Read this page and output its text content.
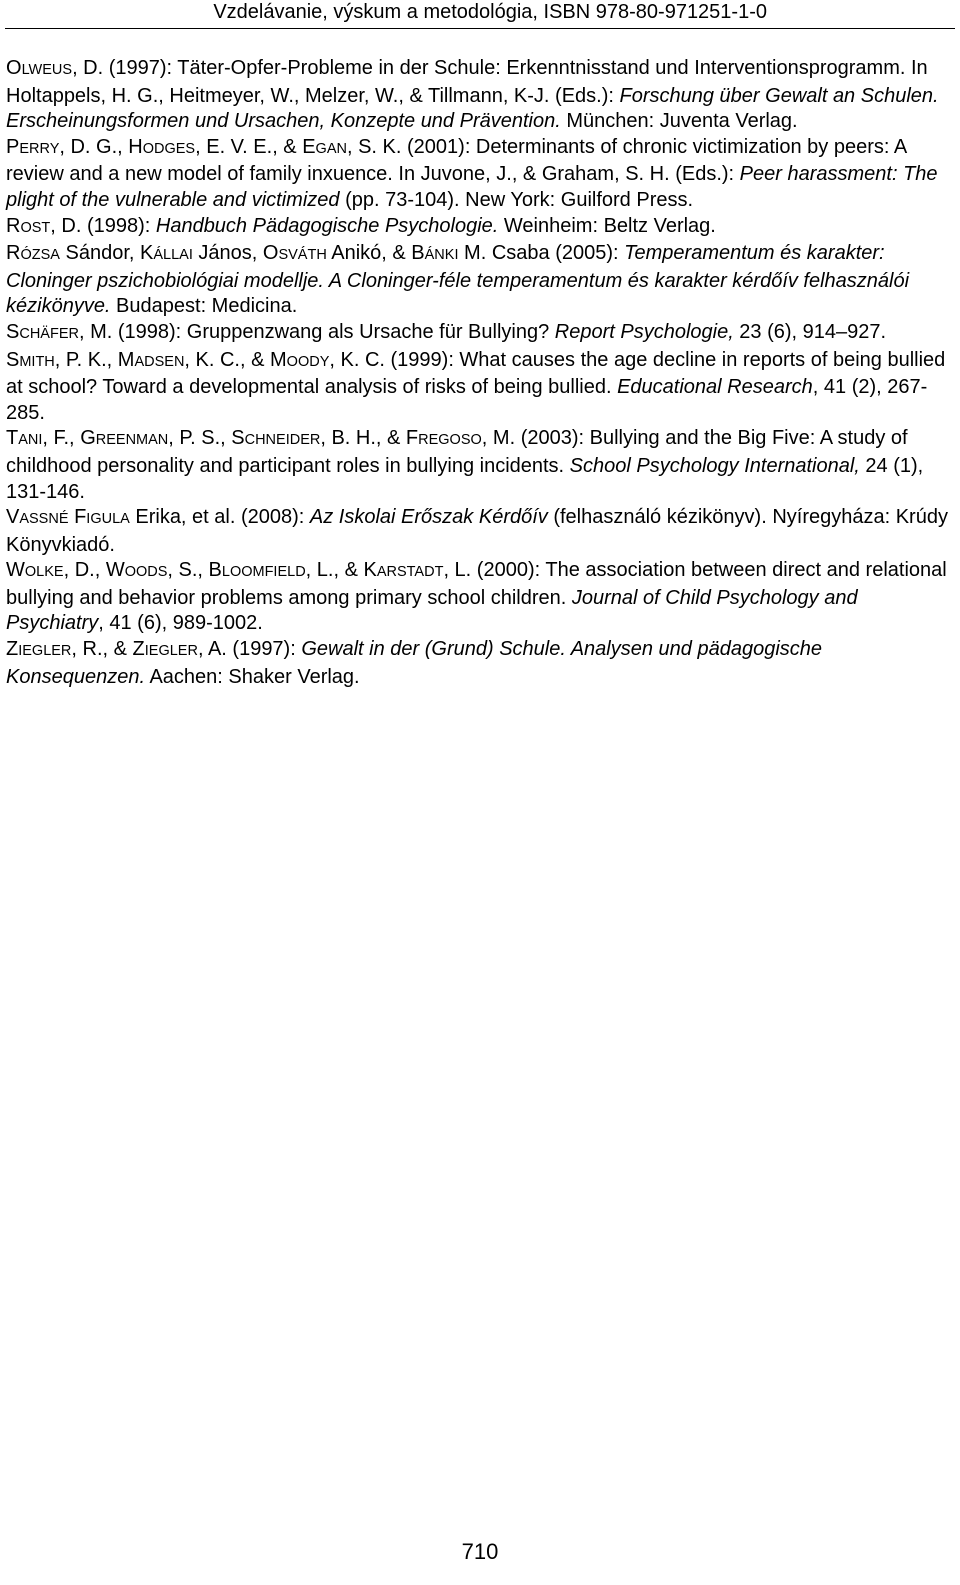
Vzdelávanie, výskum a metodológia, ISBN 978-80-971251-1-0

OLWEUS, D. (1997): Täter-Opfer-Probleme in der Schule: Erkenntnisstand und Interventionsprogramm. In Holtappels, H. G., Heitmeyer, W., Melzer, W., & Tillmann, K-J. (Eds.): Forschung über Gewalt an Schulen. Erscheinungsformen und Ursachen, Konzepte und Prävention. München: Juventa Verlag.

PERRY, D. G., HODGES, E. V. E., & EGAN, S. K. (2001): Determinants of chronic victimization by peers: A review and a new model of family inxuence. In Juvone, J., & Graham, S. H. (Eds.): Peer harassment: The plight of the vulnerable and victimized (pp. 73-104). New York: Guilford Press.

ROST, D. (1998): Handbuch Pädagogische Psychologie. Weinheim: Beltz Verlag.

RÓZSA Sándor, KÁLLAI János, OSVÁTH Anikó, & BÁNKI M. Csaba (2005): Temperamentum és karakter: Cloninger pszichobiológiai modellje. A Cloninger-féle temperamentum és karakter kérdőív felhasználói kézikönyve. Budapest: Medicina.

SCHÄFER, M. (1998): Gruppenzwang als Ursache für Bullying? Report Psychologie, 23 (6), 914–927.

SMITH, P. K., MADSEN, K. C., & MOODY, K. C. (1999): What causes the age decline in reports of being bullied at school? Toward a developmental analysis of risks of being bullied. Educational Research, 41 (2), 267-285.

TANI, F., GREENMAN, P. S., SCHNEIDER, B. H., & FREGOSO, M. (2003): Bullying and the Big Five: A study of childhood personality and participant roles in bullying incidents. School Psychology International, 24 (1), 131-146.

VASSNÉ FIGULA Erika, et al. (2008): Az Iskolai Erőszak Kérdőív (felhasználó kézikönyv). Nyíregyháza: Krúdy Könyvkiadó.

WOLKE, D., WOODS, S., BLOOMFIELD, L., & KARSTADT, L. (2000): The association between direct and relational bullying and behavior problems among primary school children. Journal of Child Psychology and Psychiatry, 41 (6), 989-1002.

ZIEGLER, R., & ZIEGLER, A. (1997): Gewalt in der (Grund) Schule. Analysen und pädagogische Konsequenzen. Aachen: Shaker Verlag.

710
